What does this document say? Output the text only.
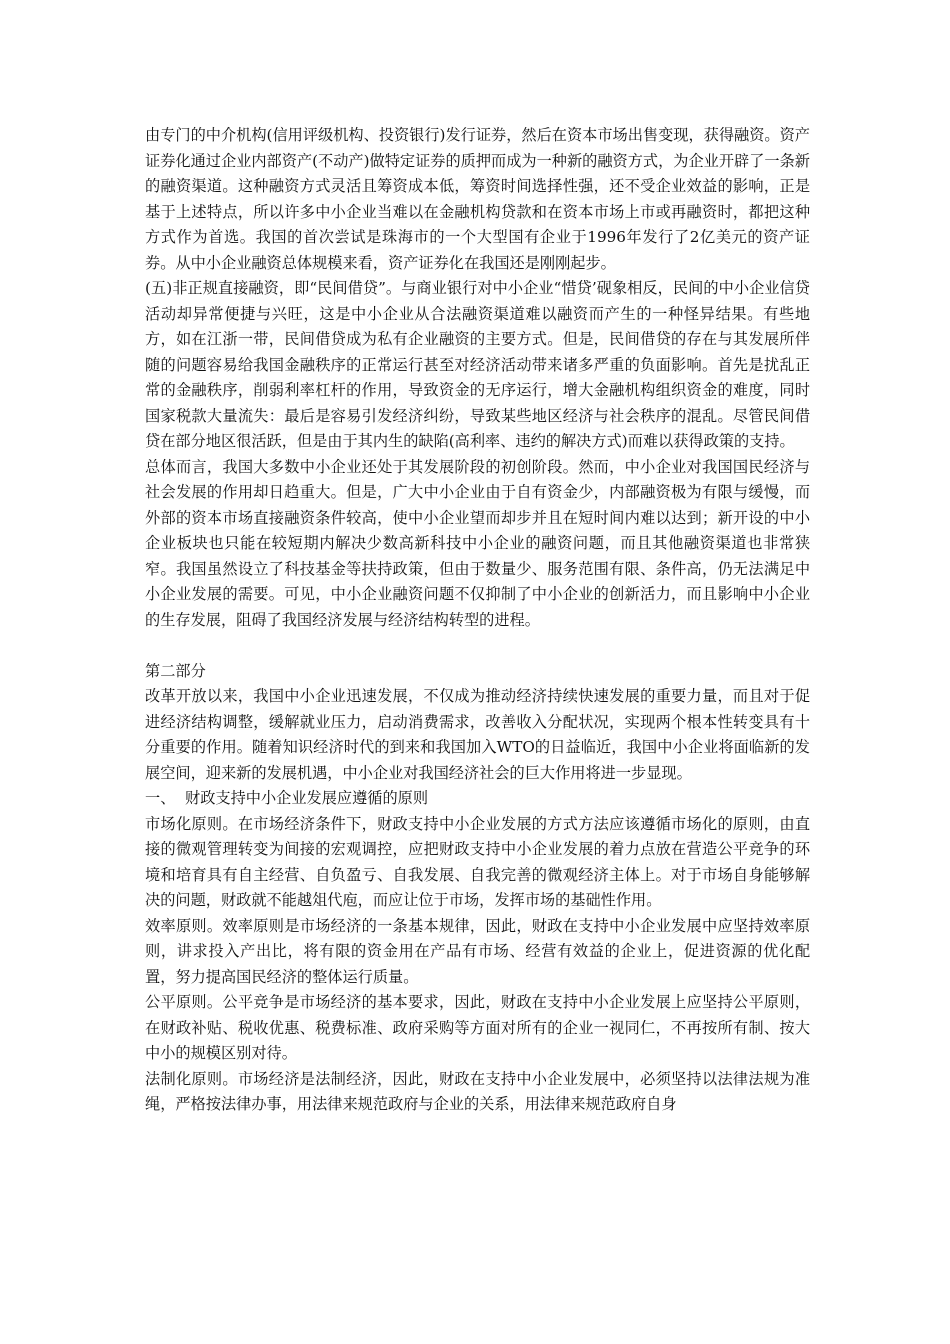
由专门的中介机构(信用评级机构、投资银行)发行证券，然后在资本市场出售变现，获得融资。资产证券化通过企业内部资产(不动产)做特定证券的质押而成为一种新的融资方式，为企业开辟了一条新的融资渠道。这种融资方式灵活且筹资成本低，筹资时间选择性强，还不受企业效益的影响，正是基于上述特点，所以许多中小企业当难以在金融机构贷款和在资本市场上市或再融资时，都把这种方式作为首选。我国的首次尝试是珠海市的一个大型国有企业于1996年发行了2亿美元的资产证券。从中小企业融资总体规模来看，资产证券化在我国还是刚刚起步。

(五)非正规直接融资，即“民间借贷”。与商业银行对中小企业“惜贷’砚象相反，民间的中小企业信贷活动却异常便捷与兴旺，这是中小企业从合法融资渠道难以融资而产生的一种怪异结果。有些地方，如在江浙一带，民间借贷成为私有企业融资的主要方式。但是，民间借贷的存在与其发展所伴随的问题容易给我国金融秩序的正常运行甚至对经济活动带来诸多严重的负面影响。首先是扰乱正常的金融秩序，削弱利率杠杆的作用，导致资金的无序运行，增大金融机构组织资金的难度，同时国家税款大量流失：最后是容易引发经济纠纷，导致某些地区经济与社会秩序的混乱。尽管民间借贷在部分地区很活跃，但是由于其内生的缺陷(高利率、违约的解决方式)而难以获得政策的支持。

总体而言，我国大多数中小企业还处于其发展阶段的初创阶段。然而，中小企业对我国国民经济与社会发展的作用却日趋重大。但是，广大中小企业由于自有资金少，内部融资极为有限与缓慢，而外部的资本市场直接融资条件较高，使中小企业望而却步并且在短时间内难以达到；新开设的中小企业板块也只能在较短期内解决少数高新科技中小企业的融资问题，而且其他融资渠道也非常狭窄。我国虽然设立了科技基金等扶持政策，但由于数量少、服务范围有限、条件高，仍无法满足中小企业发展的需要。可见，中小企业融资问题不仅抑制了中小企业的创新活力，而且影响中小企业的生存发展，阻碍了我国经济发展与经济结构转型的进程。

第二部分

改革开放以来，我国中小企业迅速发展，不仅成为推动经济持续快速发展的重要力量，而且对于促进经济结构调整，缓解就业压力，启动消费需求，改善收入分配状况，实现两个根本性转变具有十分重要的作用。随着知识经济时代的到来和我国加入WTO的日益临近，我国中小企业将面临新的发展空间，迎来新的发展机遇，中小企业对我国经济社会的巨大作用将进一步显现。

一、 财政支持中小企业发展应遵循的原则

市场化原则。在市场经济条件下，财政支持中小企业发展的方式方法应该遵循市场化的原则，由直接的微观管理转变为间接的宏观调控，应把财政支持中小企业发展的着力点放在营造公平竞争的环境和培育具有自主经营、自负盈亏、自我发展、自我完善的微观经济主体上。对于市场自身能够解决的问题，财政就不能越俎代庖，而应让位于市场，发挥市场的基础性作用。

效率原则。效率原则是市场经济的一条基本规律，因此，财政在支持中小企业发展中应坚持效率原则，讲求投入产出比，将有限的资金用在产品有市场、经营有效益的企业上，促进资源的优化配置，努力提高国民经济的整体运行质量。

公平原则。公平竞争是市场经济的基本要求，因此，财政在支持中小企业发展上应坚持公平原则，在财政补贴、税收优惠、税费标准、政府采购等方面对所有的企业一视同仁，不再按所有制、按大中小的规模区别对待。

法制化原则。市场经济是法制经济，因此，财政在支持中小企业发展中，必须坚持以法律法规为准绳，严格按法律办事，用法律来规范政府与企业的关系，用法律来规范政府自身
